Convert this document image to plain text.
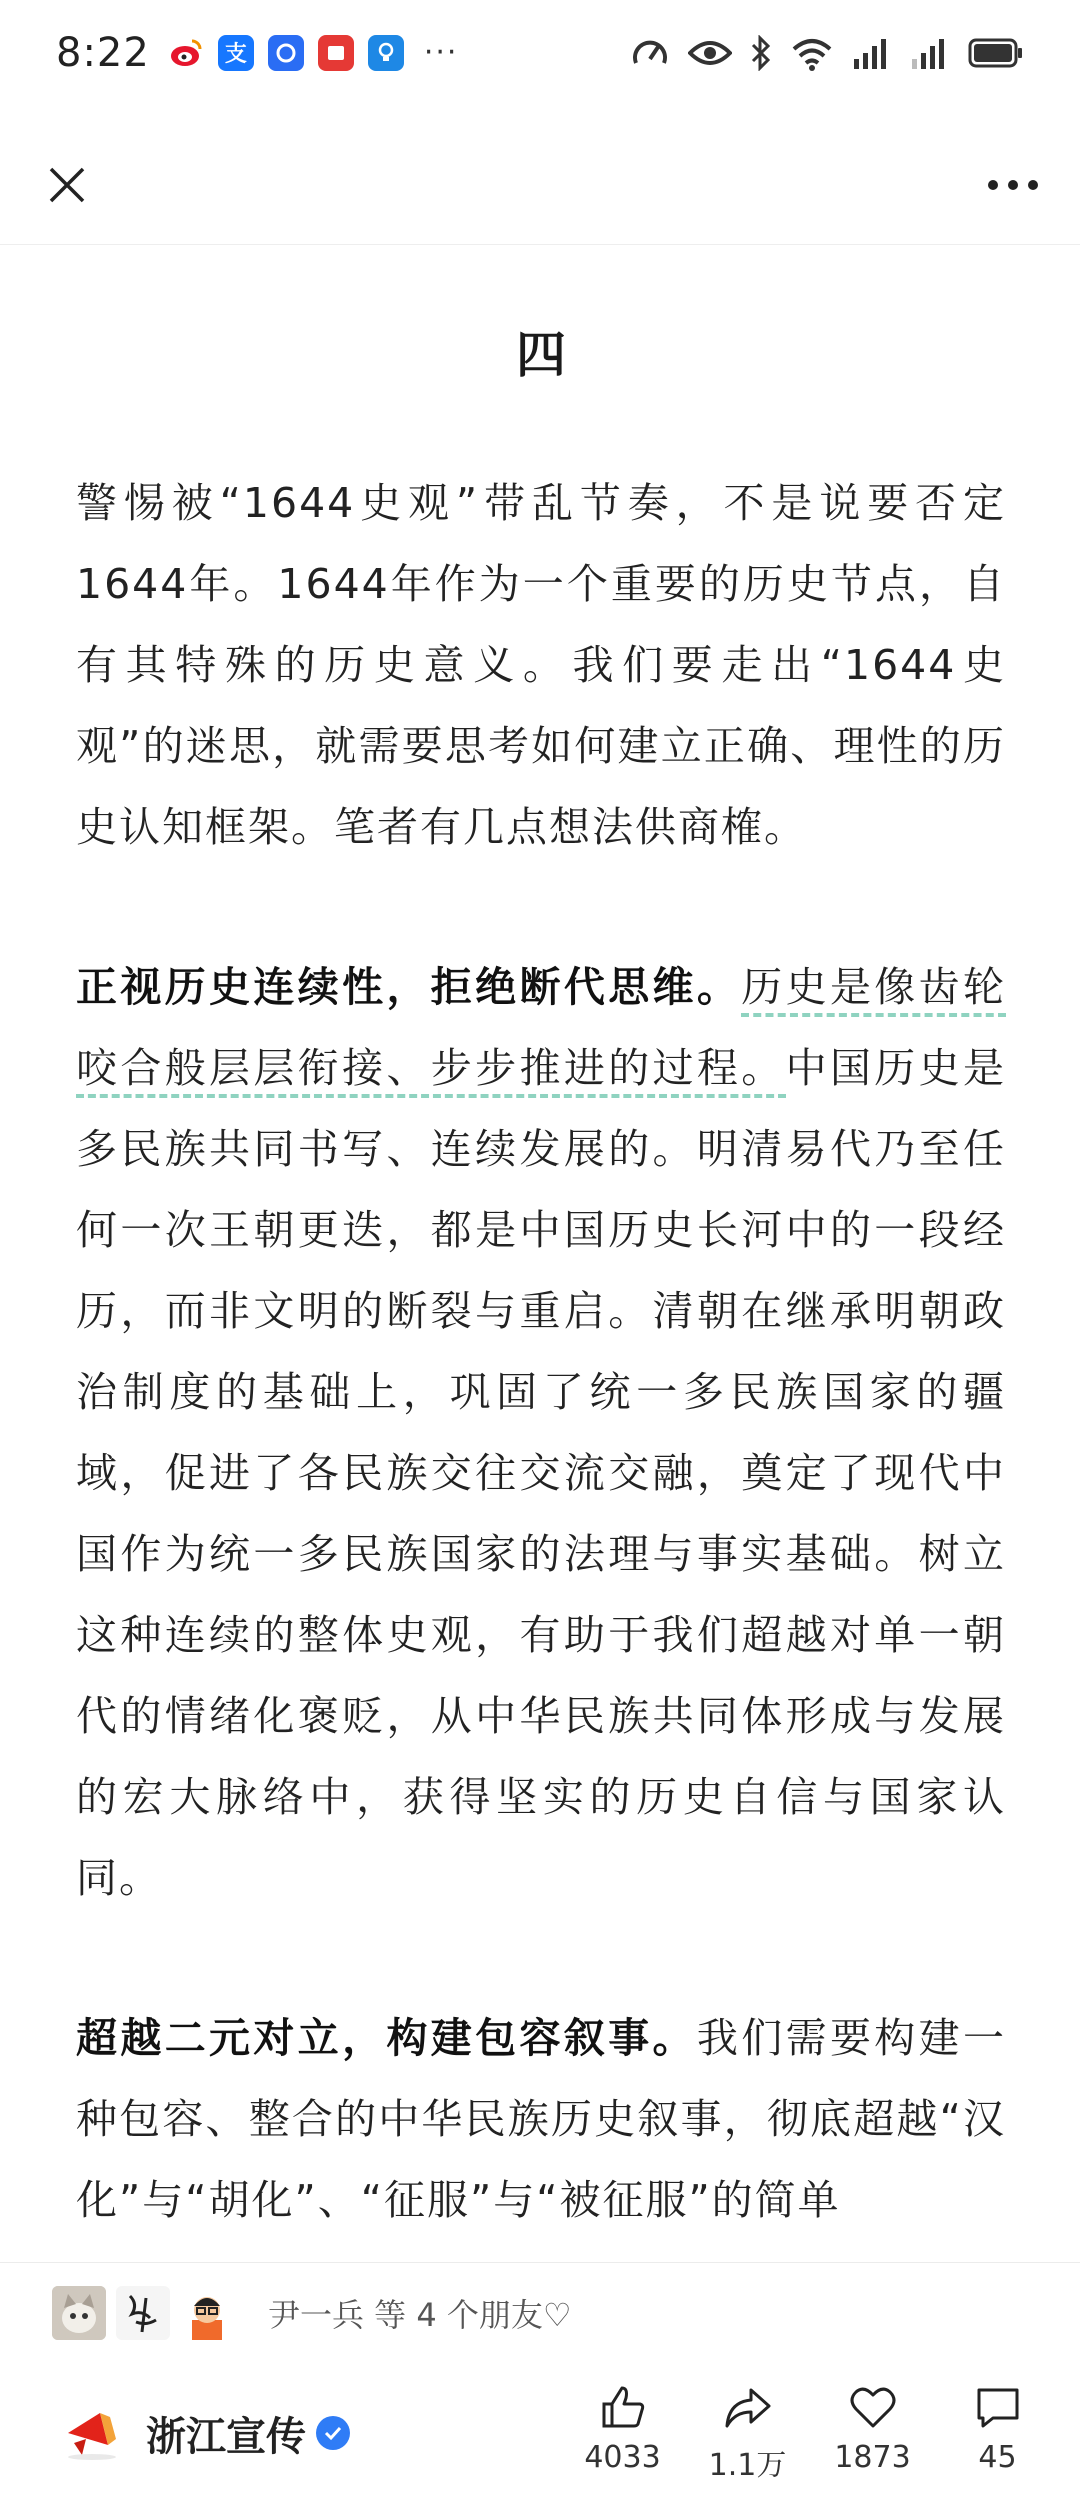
8:22	支	···
四

警惕被“1644史观”带乱节奏，不是说要否定1644年。1644年作为一个重要的历史节点，自有其特殊的历史意义。我们要走出“1644史观”的迷思，就需要思考如何建立正确、理性的历史认知框架。笔者有几点想法供商榷。

正视历史连续性，拒绝断代思维。历史是像齿轮咬合般层层衔接、步步推进的过程。中国历史是多民族共同书写、连续发展的。明清易代乃至任何一次王朝更迭，都是中国历史长河中的一段经历，而非文明的断裂与重启。清朝在继承明朝政治制度的基础上，巩固了统一多民族国家的疆域，促进了各民族交往交流交融，奠定了现代中国作为统一多民族国家的法理与事实基础。树立这种连续的整体史观，有助于我们超越对单一朝代的情绪化褒贬，从中华民族共同体形成与发展的宏大脉络中，获得坚实的历史自信与国家认同。

超越二元对立，构建包容叙事。我们需要构建一种包容、整合的中华民族历史叙事，彻底超越“汉化”与“胡化”、“征服”与“被征服”的简单

尹一兵 等 4 个朋友♡
浙江宣传	4033 1.1万 1873 45
